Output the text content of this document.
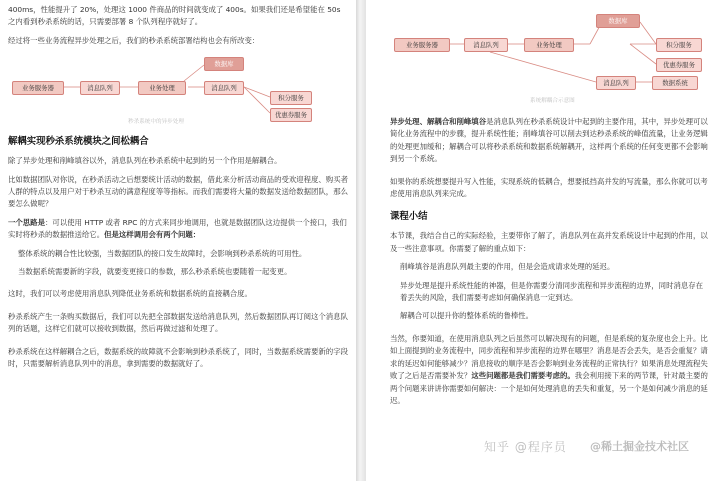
400ms，性能提升了 20%，处理这 1000 件商品的时间就变成了 400s。如果我们还是希望能在 50s 之内看到秒杀系统的话，只需要部署 8 个队列程序就好了。

经过将一些业务流程异步处理之后，我们的秒杀系统部署结构也会有所改变：

业务服务器	消息队列	业务处理	消息队列
数据库
积分服务
优惠券服务
秒杀系统中的异步处理
解耦实现秒杀系统模块之间松耦合

除了异步处理和削峰填谷以外，消息队列在秒杀系统中起到的另一个作用是解耦合。

比如数据团队对你说，在秒杀活动之后想要统计活动的数据，借此来分析活动商品的受欢迎程度、购买者人群的特点以及用户对于秒杀互动的满意程度等等指标。而我们需要将大量的数据发送给数据团队，那么要怎么做呢？

一个思路是：可以使用 HTTP 或者 RPC 的方式来同步地调用，也就是数据团队这边提供一个接口，我们实时将秒杀的数据推送给它。但是这样调用会有两个问题：

整体系统的耦合性比较强，当数据团队的接口发生故障时，会影响到秒杀系统的可用性。

当数据系统需要新的字段，就要变更接口的参数，那么秒杀系统也要随着一起变更。

这时，我们可以考虑使用消息队列降低业务系统和数据系统的直接耦合度。

秒杀系统产生一条购买数据后，我们可以先把全部数据发送给消息队列，然后数据团队再订阅这个消息队列的话题，这样它们就可以接收到数据，然后再做过滤和处理了。

秒杀系统在这样解耦合之后，数据系统的故障就不会影响到秒杀系统了，同时，当数据系统需要新的字段时，只需要解析消息队列中的消息，拿到需要的数据就好了。

业务服务器	消息队列	业务处理
数据库
积分服务
优惠券服务
消息队列	数据系统
系统解耦合示意图

异步处理、解耦合和削峰填谷是消息队列在秒杀系统设计中起到的主要作用，其中，异步处理可以简化业务流程中的步骤，提升系统性能；削峰填谷可以削去到达秒杀系统的峰值流量，让业务逻辑的处理更加缓和；解耦合可以将秒杀系统和数据系统解耦开，这样两个系统的任何变更都不会影响到另一个系统。

如果你的系统想要提升写入性能，实现系统的低耦合，想要抵挡高并发的写流量，那么你就可以考虑使用消息队列来完成。

课程小结

本节课，我结合自己的实际经验，主要带你了解了，消息队列在高并发系统设计中起到的作用，以及一些注意事项。你需要了解的重点如下：

削峰填谷是消息队列最主要的作用，但是会造成请求处理的延迟。

异步处理是提升系统性能的神器，但是你需要分清同步流程和异步流程的边界，同时消息存在着丢失的风险，我们需要考虑如何确保消息一定到达。

解耦合可以提升你的整体系统的鲁棒性。

当然，你要知道，在使用消息队列之后虽然可以解决现有的问题，但是系统的复杂度也会上升。比如上面提到的业务流程中，同步流程和异步流程的边界在哪里？消息是否会丢失，是否会重复？请求的延迟如何能够减少？消息接收的顺序是否会影响到业务流程的正常执行？如果消息处理流程失败了之后是否需要补发？这些问题都是我们需要考虑的。我会利用接下来的两节课，针对最主要的两个问题来讲讲你需要如何解决：一个是如何处理消息的丢失和重复，另一个是如何减少消息的延迟。

知乎 @程序员 @稀土掘金技术社区
